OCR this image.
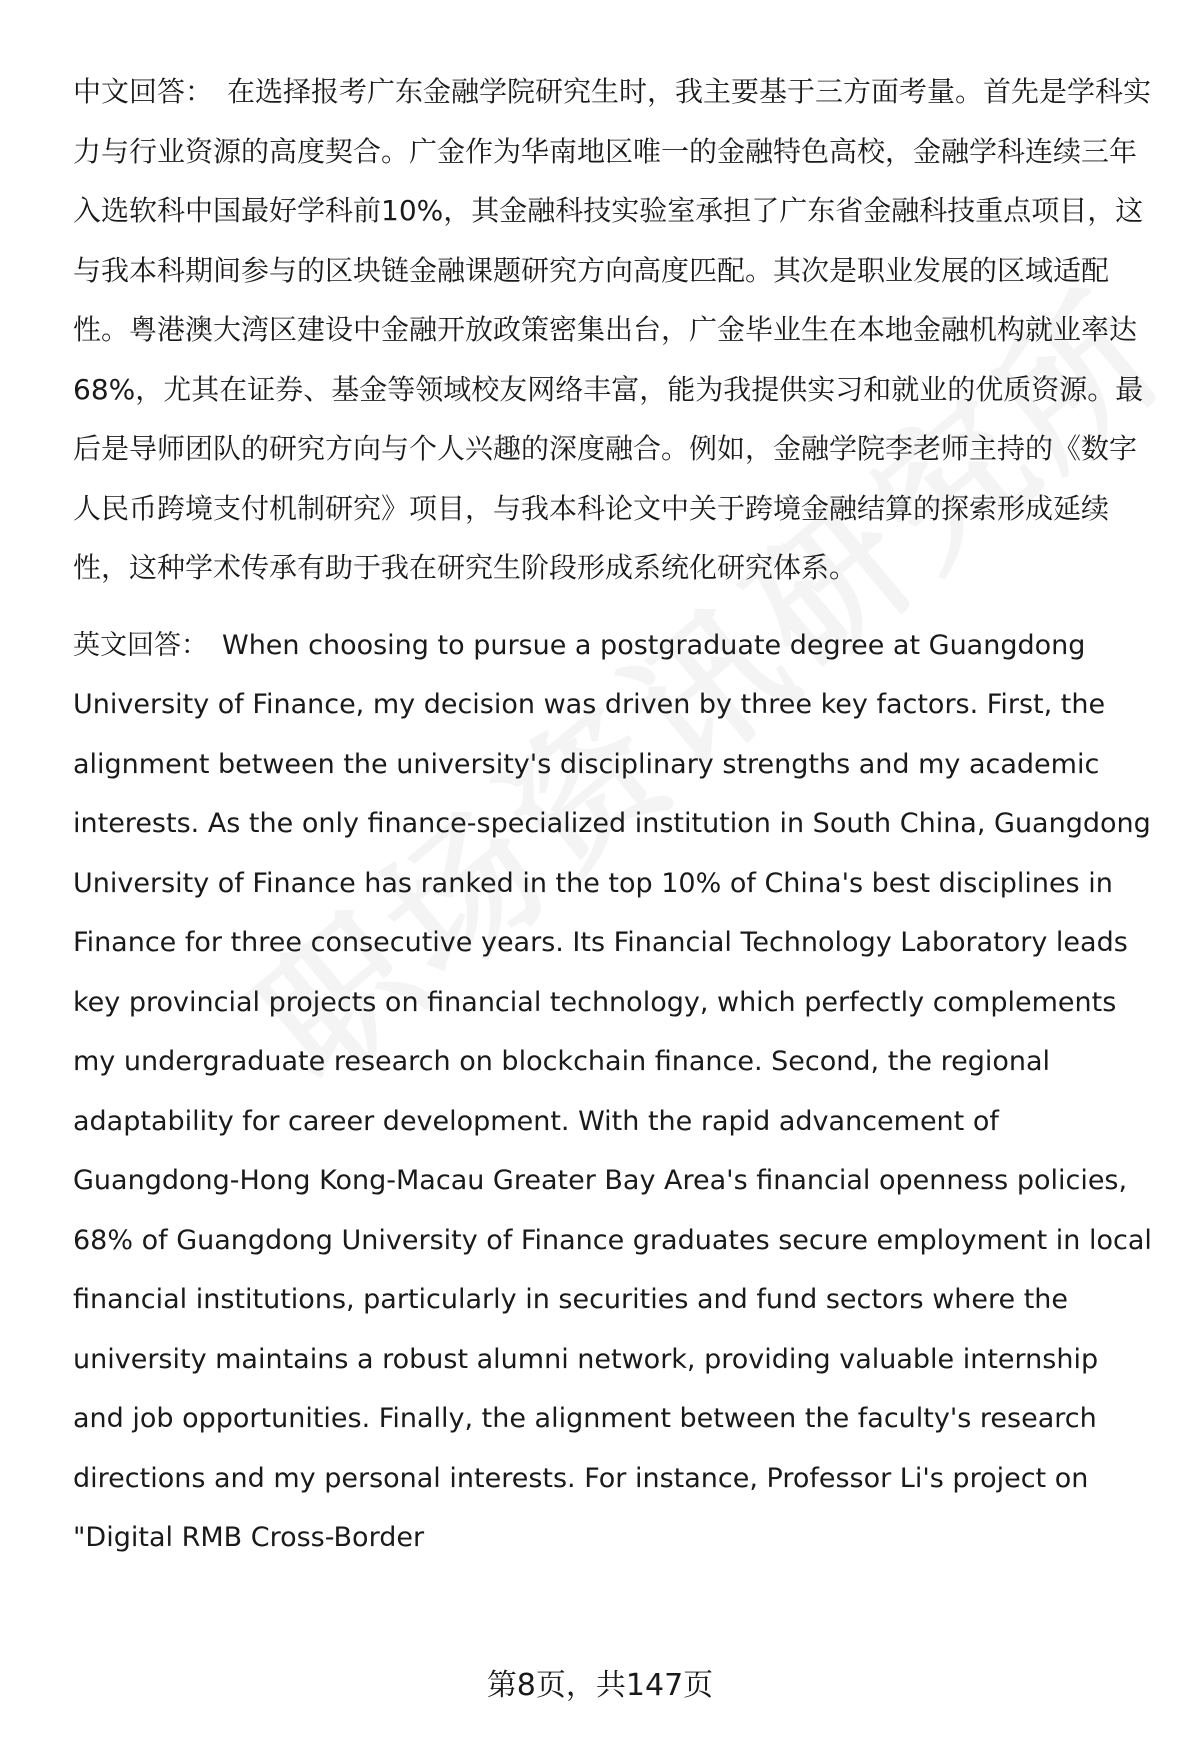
中文回答： 在选择报考广东金融学院研究生时，我主要基于三方面考量。首先是学科实力与行业资源的高度契合。广金作为华南地区唯一的金融特色高校，金融学科连续三年入选软科中国最好学科前10%，其金融科技实验室承担了广东省金融科技重点项目，这与我本科期间参与的区块链金融课题研究方向高度匹配。其次是职业发展的区域适配性。粤港澳大湾区建设中金融开放政策密集出台，广金毕业生在本地金融机构就业率达68%，尤其在证券、基金等领域校友网络丰富，能为我提供实习和就业的优质资源。最后是导师团队的研究方向与个人兴趣的深度融合。例如，金融学院李老师主持的《数字人民币跨境支付机制研究》项目，与我本科论文中关于跨境金融结算的探索形成延续性，这种学术传承有助于我在研究生阶段形成系统化研究体系。

英文回答： When choosing to pursue a postgraduate degree at Guangdong University of Finance, my decision was driven by three key factors. First, the alignment between the university's disciplinary strengths and my academic interests. As the only finance-specialized institution in South China, Guangdong University of Finance has ranked in the top 10% of China's best disciplines in Finance for three consecutive years. Its Financial Technology Laboratory leads key provincial projects on financial technology, which perfectly complements my undergraduate research on blockchain finance. Second, the regional adaptability for career development. With the rapid advancement of Guangdong-Hong Kong-Macau Greater Bay Area's financial openness policies, 68% of Guangdong University of Finance graduates secure employment in local financial institutions, particularly in securities and fund sectors where the university maintains a robust alumni network, providing valuable internship and job opportunities. Finally, the alignment between the faculty's research directions and my personal interests. For instance, Professor Li's project on "Digital RMB Cross-Border

第8页，共147页
